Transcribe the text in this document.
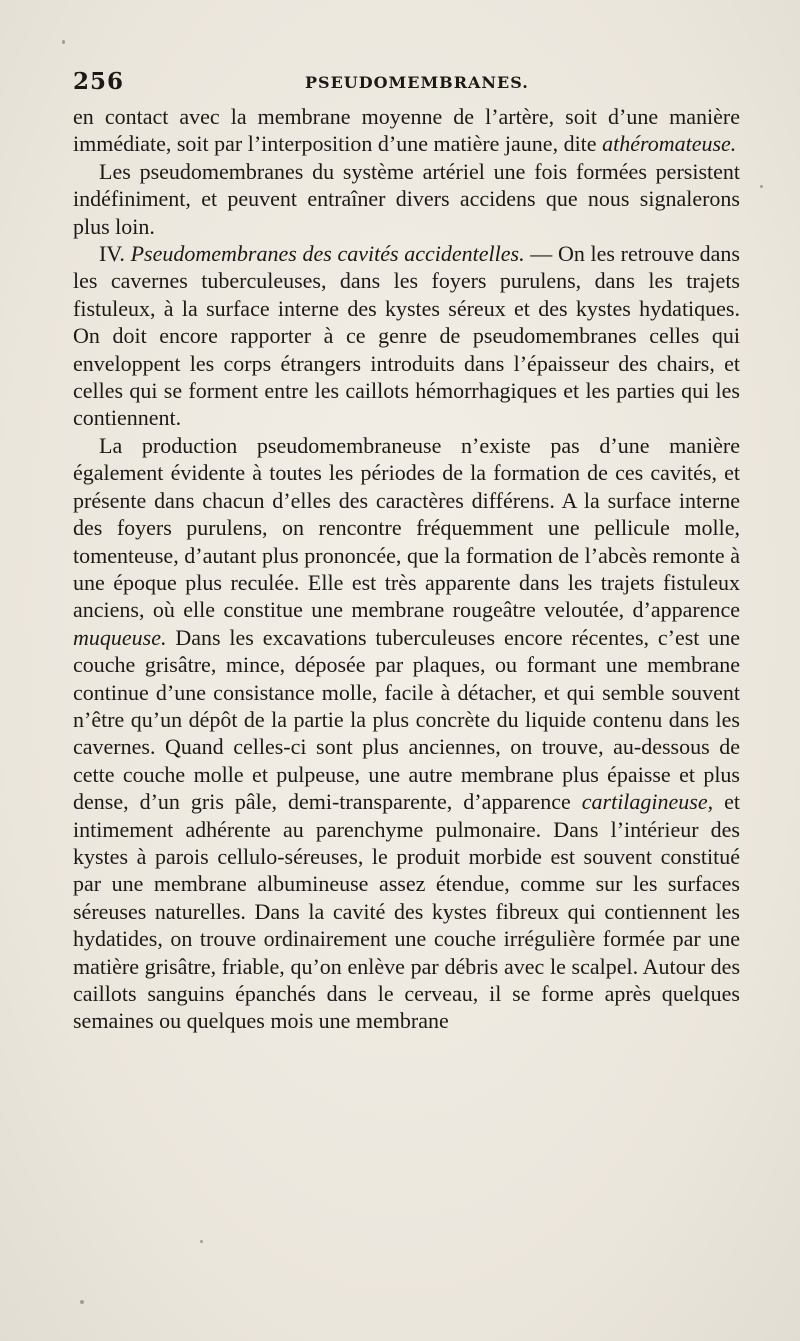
256	PSEUDOMEMBRANES.

en contact avec la membrane moyenne de l’artère, soit d’une manière immédiate, soit par l’interposition d’une matière jaune, dite athéromateuse.

Les pseudomembranes du système artériel une fois formées persistent indéfiniment, et peuvent entraîner divers accidens que nous signalerons plus loin.

IV. Pseudomembranes des cavités accidentelles. — On les retrouve dans les cavernes tuberculeuses, dans les foyers purulens, dans les trajets fistuleux, à la surface interne des kystes séreux et des kystes hydatiques. On doit encore rapporter à ce genre de pseudomembranes celles qui enveloppent les corps étrangers introduits dans l’épaisseur des chairs, et celles qui se forment entre les caillots hémorrhagiques et les parties qui les contiennent.

La production pseudomembraneuse n’existe pas d’une manière également évidente à toutes les périodes de la formation de ces cavités, et présente dans chacun d’elles des caractères différens. A la surface interne des foyers purulens, on rencontre fréquemment une pellicule molle, tomenteuse, d’autant plus prononcée, que la formation de l’abcès remonte à une époque plus reculée. Elle est très apparente dans les trajets fistuleux anciens, où elle constitue une membrane rougeâtre veloutée, d’apparence muqueuse. Dans les excavations tuberculeuses encore récentes, c’est une couche grisâtre, mince, déposée par plaques, ou formant une membrane continue d’une consistance molle, facile à détacher, et qui semble souvent n’être qu’un dépôt de la partie la plus concrète du liquide contenu dans les cavernes. Quand celles-ci sont plus anciennes, on trouve, au-dessous de cette couche molle et pulpeuse, une autre membrane plus épaisse et plus dense, d’un gris pâle, demi-transparente, d’apparence cartilagineuse, et intimement adhérente au parenchyme pulmonaire. Dans l’intérieur des kystes à parois cellulo-séreuses, le produit morbide est souvent constitué par une membrane albumineuse assez étendue, comme sur les surfaces séreuses naturelles. Dans la cavité des kystes fibreux qui contiennent les hydatides, on trouve ordinairement une couche irrégulière formée par une matière grisâtre, friable, qu’on enlève par débris avec le scalpel. Autour des caillots sanguins épanchés dans le cerveau, il se forme après quelques semaines ou quelques mois une membrane
